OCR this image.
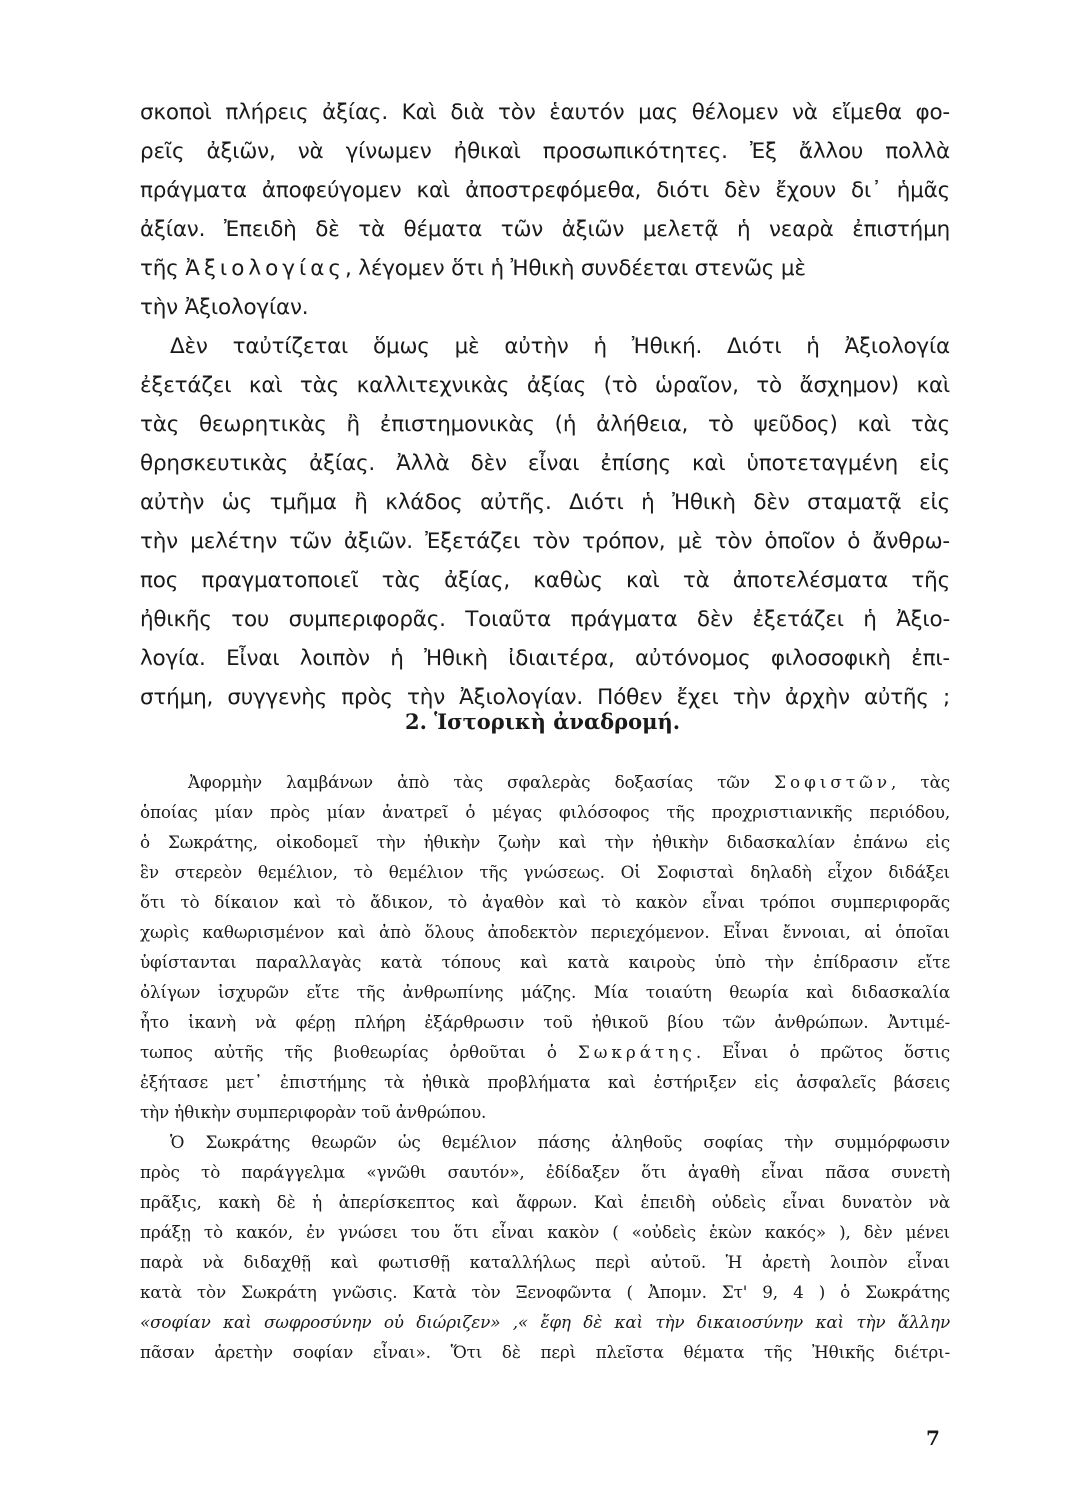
σκοποὶ πλήρεις ἀξίας. Καὶ διὰ τὸν ἑαυτόν μας θέλομεν νὰ εἴμεθα φο-
ρεῖς ἀξιῶν, νὰ γίνωμεν ἠθικαὶ προσωπικότητες. Ἐξ ἄλλου πολλὰ
πράγματα ἀποφεύγομεν καὶ ἀποστρεφόμεθα, διότι δὲν ἔχουν δι᾿ ἡμᾶς
ἀξίαν. Ἐπειδὴ δὲ τὰ θέματα τῶν ἀξιῶν μελετᾷ ἡ νεαρὰ ἐπιστήμη
τῆς Ἀξιολογίας, λέγομεν ὅτι ἡ Ἠθικὴ συνδέεται στενῶς μὲ
τὴν Ἀξιολογίαν.
Δὲν ταὐτίζεται ὅμως μὲ αὐτὴν ἡ Ἠθική. Διότι ἡ Ἀξιολογία
ἐξετάζει καὶ τὰς καλλιτεχνικὰς ἀξίας (τὸ ὡραῖον, τὸ ἄσχημον) καὶ
τὰς θεωρητικὰς ἢ ἐπιστημονικὰς (ἡ ἀλήθεια, τὸ ψεῦδος) καὶ τὰς
θρησκευτικὰς ἀξίας. Ἀλλὰ δὲν εἶναι ἐπίσης καὶ ὑποτεταγμένη εἰς
αὐτὴν ὡς τμῆμα ἢ κλάδος αὐτῆς. Διότι ἡ Ἠθικὴ δὲν σταματᾷ εἰς
τὴν μελέτην τῶν ἀξιῶν. Ἐξετάζει τὸν τρόπον, μὲ τὸν ὁποῖον ὁ ἄνθρω-
πος πραγματοποιεῖ τὰς ἀξίας, καθὼς καὶ τὰ ἀποτελέσματα τῆς
ἠθικῆς του συμπεριφορᾶς. Τοιαῦτα πράγματα δὲν ἐξετάζει ἡ Ἀξιο-
λογία. Εἶναι λοιπὸν ἡ Ἠθικὴ ἰδιαιτέρα, αὐτόνομος φιλοσοφικὴ ἐπι-
στήμη, συγγενὴς πρὸς τὴν Ἀξιολογίαν. Πόθεν ἔχει τὴν ἀρχὴν αὐτῆς ;
2. Ἱστορικὴ ἀναδρομή.
Ἀφορμὴν λαμβάνων ἀπὸ τὰς σφαλερὰς δοξασίας τῶν Σοφιστῶν, τὰς
ὁποίας μίαν πρὸς μίαν ἀνατρεῖ ὁ μέγας φιλόσοφος τῆς προχριστιανικῆς περιόδου,
ὁ Σωκράτης, οἰκοδομεῖ τὴν ἠθικὴν ζωὴν καὶ τὴν ἠθικὴν διδασκαλίαν ἐπάνω εἰς
ἓν στερεὸν θεμέλιον, τὸ θεμέλιον τῆς γνώσεως. Οἱ Σοφισταὶ δηλαδὴ εἶχον διδάξει
ὅτι τὸ δίκαιον καὶ τὸ ἄδικον, τὸ ἀγαθὸν καὶ τὸ κακὸν εἶναι τρόποι συμπεριφορᾶς
χωρὶς καθωρισμένον καὶ ἀπὸ ὅλους ἀποδεκτὸν περιεχόμενον. Εἶναι ἔννοιαι, αἱ ὁποῖαι
ὑφίστανται παραλλαγὰς κατὰ τόπους καὶ κατὰ καιροὺς ὑπὸ τὴν ἐπίδρασιν εἴτε
ὀλίγων ἰσχυρῶν εἴτε τῆς ἀνθρωπίνης μάζης. Μία τοιαύτη θεωρία καὶ διδασκαλία
ἦτο ἱκανὴ νὰ φέρῃ πλήρη ἐξάρθρωσιν τοῦ ἠθικοῦ βίου τῶν ἀνθρώπων. Ἀντιμέ-
τωπος αὐτῆς τῆς βιοθεωρίας ὀρθοῦται ὁ Σωκράτης. Εἶναι ὁ πρῶτος ὅστις
ἐξήτασε μετ᾿ ἐπιστήμης τὰ ἠθικὰ προβλήματα καὶ ἐστήριξεν εἰς ἀσφαλεῖς βάσεις
τὴν ἠθικὴν συμπεριφορὰν τοῦ ἀνθρώπου.
Ὁ Σωκράτης θεωρῶν ὡς θεμέλιον πάσης ἀληθοῦς σοφίας τὴν συμμόρφωσιν
πρὸς τὸ παράγγελμα «γνῶθι σαυτόν», ἐδίδαξεν ὅτι ἀγαθὴ εἶναι πᾶσα συνετὴ
πρᾶξις, κακὴ δὲ ἡ ἀπερίσκεπτος καὶ ἄφρων. Καὶ ἐπειδὴ οὐδεὶς εἶναι δυνατὸν νὰ
πράξῃ τὸ κακόν, ἐν γνώσει του ὅτι εἶναι κακὸν ( «οὐδεὶς ἑκὼν κακός» ), δὲν μένει
παρὰ νὰ διδαχθῇ καὶ φωτισθῇ καταλλήλως περὶ αὐτοῦ. Ἡ ἀρετὴ λοιπὸν εἶναι
κατὰ τὸν Σωκράτη γνῶσις. Κατὰ τὸν Ξενοφῶντα ( Ἀπομν. Στ' 9, 4 ) ὁ Σωκράτης
«σοφίαν καὶ σωφροσύνην οὐ διώριζεν» ,« ἔφη δὲ καὶ τὴν δικαιοσύνην καὶ τὴν ἄλλην
πᾶσαν ἀρετὴν σοφίαν εἶναι». Ὅτι δὲ περὶ πλεῖστα θέματα τῆς Ἠθικῆς διέτρι-
7
